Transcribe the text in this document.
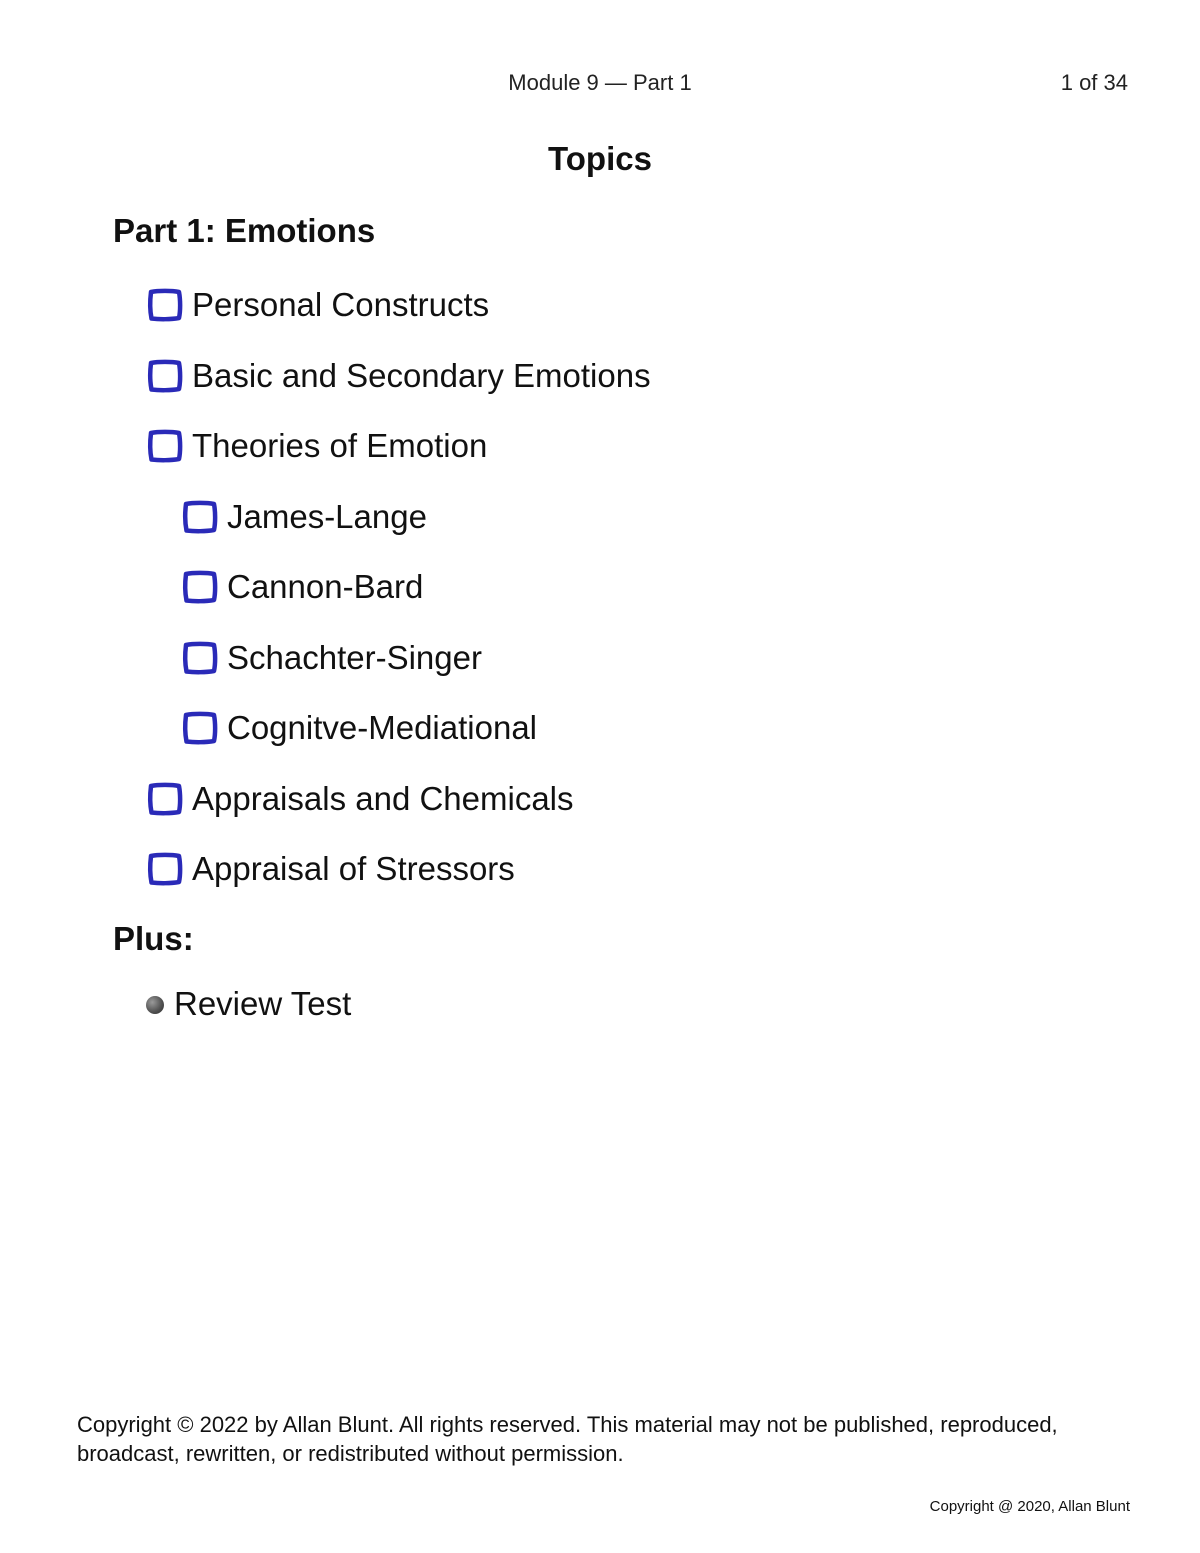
Module 9 — Part 1	1 of 34
Topics
Part 1: Emotions
Personal Constructs
Basic and Secondary Emotions
Theories of Emotion
James-Lange
Cannon-Bard
Schachter-Singer
Cognitve-Mediational
Appraisals and Chemicals
Appraisal of Stressors
Plus:
Review Test
Copyright © 2022 by Allan Blunt. All rights reserved. This material may not be published, reproduced, broadcast, rewritten, or redistributed without permission.
Copyright @ 2020, Allan Blunt
